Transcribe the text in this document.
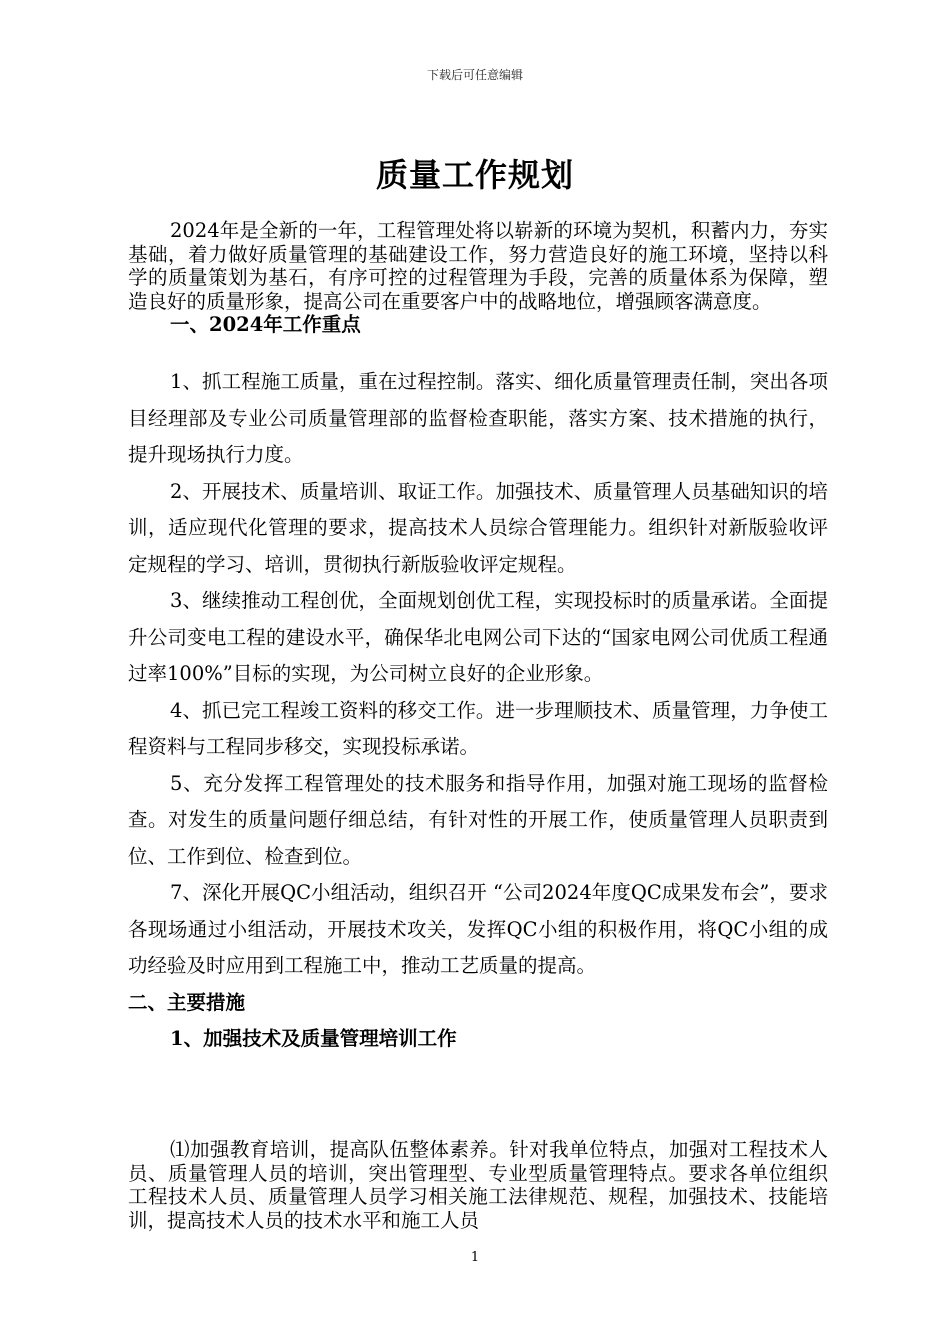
下载后可任意编辑
质量工作规划

2024年是全新的一年，工程管理处将以崭新的环境为契机，积蓄内力，夯实基础，着力做好质量管理的基础建设工作，努力营造良好的施工环境，坚持以科学的质量策划为基石，有序可控的过程管理为手段，完善的质量体系为保障，塑造良好的质量形象，提高公司在重要客户中的战略地位，增强顾客满意度。

一、2024年工作重点

1、抓工程施工质量，重在过程控制。落实、细化质量管理责任制，突出各项目经理部及专业公司质量管理部的监督检查职能，落实方案、技术措施的执行，提升现场执行力度。

2、开展技术、质量培训、取证工作。加强技术、质量管理人员基础知识的培训，适应现代化管理的要求，提高技术人员综合管理能力。组织针对新版验收评定规程的学习、培训，贯彻执行新版验收评定规程。

3、继续推动工程创优，全面规划创优工程，实现投标时的质量承诺。全面提升公司变电工程的建设水平，确保华北电网公司下达的“国家电网公司优质工程通过率100%”目标的实现，为公司树立良好的企业形象。

4、抓已完工程竣工资料的移交工作。进一步理顺技术、质量管理，力争使工程资料与工程同步移交，实现投标承诺。

5、充分发挥工程管理处的技术服务和指导作用，加强对施工现场的监督检查。对发生的质量问题仔细总结，有针对性的开展工作，使质量管理人员职责到位、工作到位、检查到位。

7、深化开展QC小组活动，组织召开 “公司2024年度QC成果发布会”，要求各现场通过小组活动，开展技术攻关，发挥QC小组的积极作用，将QC小组的成功经验及时应用到工程施工中，推动工艺质量的提高。

二、主要措施

1、加强技术及质量管理培训工作

⑴加强教育培训，提高队伍整体素养。针对我单位特点，加强对工程技术人员、质量管理人员的培训，突出管理型、专业型质量管理特点。要求各单位组织工程技术人员、质量管理人员学习相关施工法律规范、规程，加强技术、技能培训，提高技术人员的技术水平和施工人员

1
